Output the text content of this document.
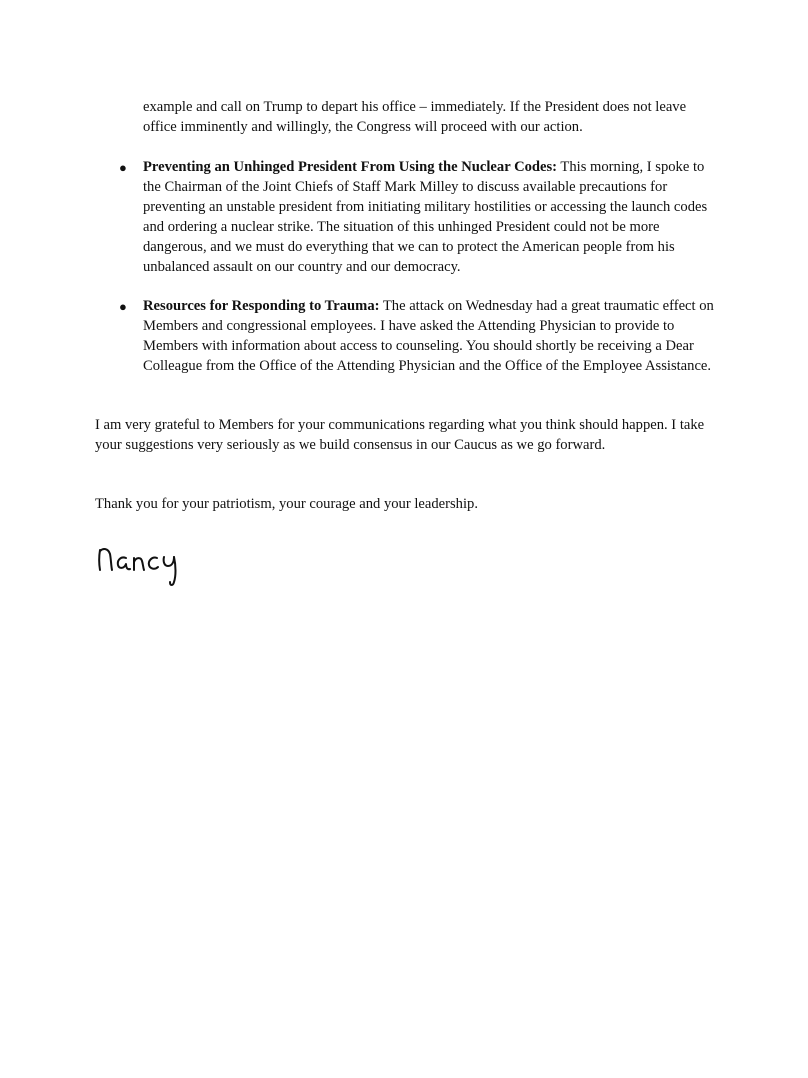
example and call on Trump to depart his office – immediately. If the President does not leave office imminently and willingly, the Congress will proceed with our action.

● Preventing an Unhinged President From Using the Nuclear Codes: This morning, I spoke to the Chairman of the Joint Chiefs of Staff Mark Milley to discuss available precautions for preventing an unstable president from initiating military hostilities or accessing the launch codes and ordering a nuclear strike. The situation of this unhinged President could not be more dangerous, and we must do everything that we can to protect the American people from his unbalanced assault on our country and our democracy.
● Resources for Responding to Trauma: The attack on Wednesday had a great traumatic effect on Members and congressional employees. I have asked the Attending Physician to provide to Members with information about access to counseling. You should shortly be receiving a Dear Colleague from the Office of the Attending Physician and the Office of the Employee Assistance.

I am very grateful to Members for your communications regarding what you think should happen. I take your suggestions very seriously as we build consensus in our Caucus as we go forward.

Thank you for your patriotism, your courage and your leadership.
